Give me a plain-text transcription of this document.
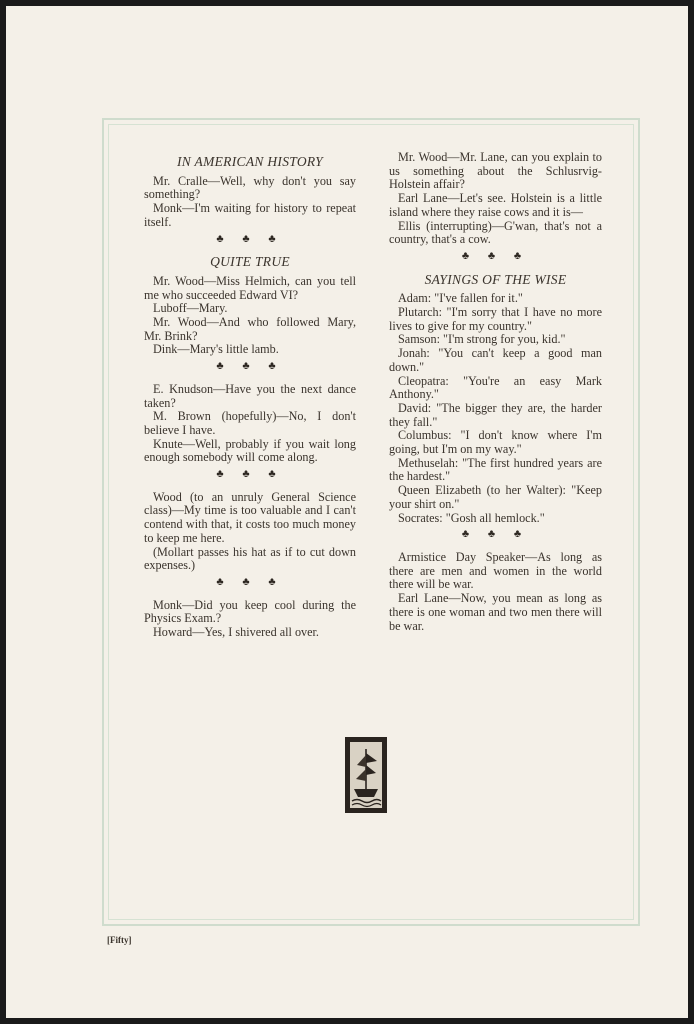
IN AMERICAN HISTORY
Mr. Cralle—Well, why don't you say something?
Monk—I'm waiting for history to repeat itself.
♣ ♣ ♣
QUITE TRUE
Mr. Wood—Miss Helmich, can you tell me who succeeded Edward VI?
Luboff—Mary.
Mr. Wood—And who followed Mary, Mr. Brink?
Dink—Mary's little lamb.
♣ ♣ ♣
E. Knudson—Have you the next dance taken?
M. Brown (hopefully)—No, I don't believe I have.
Knute—Well, probably if you wait long enough somebody will come along.
♣ ♣ ♣
Wood (to an unruly General Science class)—My time is too valuable and I can't contend with that, it costs too much money to keep me here.
(Mollart passes his hat as if to cut down expenses.)
♣ ♣ ♣
Monk—Did you keep cool during the Physics Exam.?
Howard—Yes, I shivered all over.
Mr. Wood—Mr. Lane, can you explain to us something about the Schlusrvig-Holstein affair?
Earl Lane—Let's see. Holstein is a little island where they raise cows and it is—
Ellis (interrupting)—G'wan, that's not a country, that's a cow.
♣ ♣ ♣
SAYINGS OF THE WISE
Adam: "I've fallen for it."
Plutarch: "I'm sorry that I have no more lives to give for my country."
Samson: "I'm strong for you, kid."
Jonah: "You can't keep a good man down."
Cleopatra: "You're an easy Mark Anthony."
David: "The bigger they are, the harder they fall."
Columbus: "I don't know where I'm going, but I'm on my way."
Methuselah: "The first hundred years are the hardest."
Queen Elizabeth (to her Walter): "Keep your shirt on."
Socrates: "Gosh all hemlock."
♣ ♣ ♣
Armistice Day Speaker—As long as there are men and women in the world there will be war.
Earl Lane—Now, you mean as long as there is one woman and two men there will be war.
[Fifty]
